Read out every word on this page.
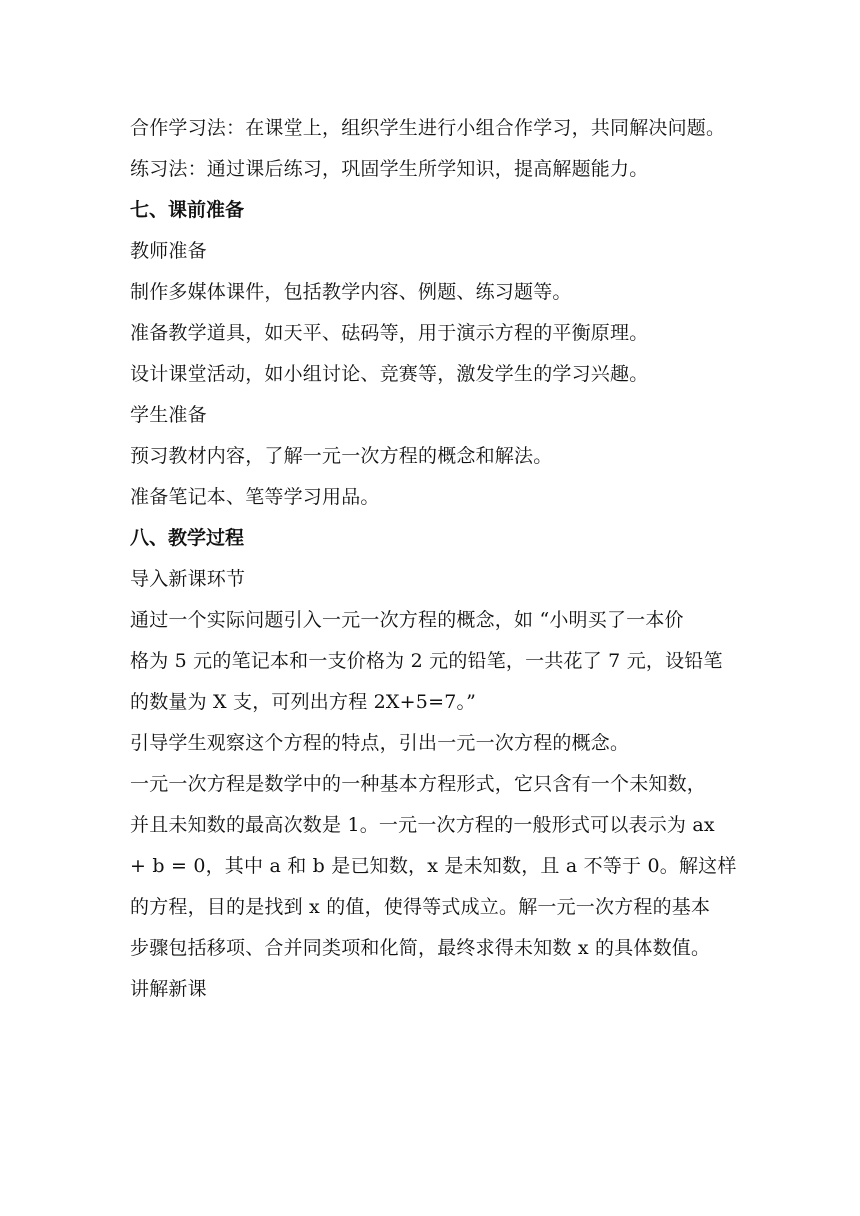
合作学习法：在课堂上，组织学生进行小组合作学习，共同解决问题。
练习法：通过课后练习，巩固学生所学知识，提高解题能力。
七、课前准备
教师准备
制作多媒体课件，包括教学内容、例题、练习题等。
准备教学道具，如天平、砝码等，用于演示方程的平衡原理。
设计课堂活动，如小组讨论、竞赛等，激发学生的学习兴趣。
学生准备
预习教材内容，了解一元一次方程的概念和解法。
准备笔记本、笔等学习用品。
八、教学过程
导入新课环节
通过一个实际问题引入一元一次方程的概念，如 “小明买了一本价
格为 5 元的笔记本和一支价格为 2 元的铅笔，一共花了 7 元，设铅笔
的数量为 X 支，可列出方程 2X+5=7。”
引导学生观察这个方程的特点，引出一元一次方程的概念。
一元一次方程是数学中的一种基本方程形式，它只含有一个未知数，
并且未知数的最高次数是 1。一元一次方程的一般形式可以表示为 ax
+ b = 0，其中 a 和 b 是已知数，x 是未知数，且 a 不等于 0。解这样
的方程，目的是找到 x 的值，使得等式成立。解一元一次方程的基本
步骤包括移项、合并同类项和化简，最终求得未知数 x 的具体数值。
讲解新课
